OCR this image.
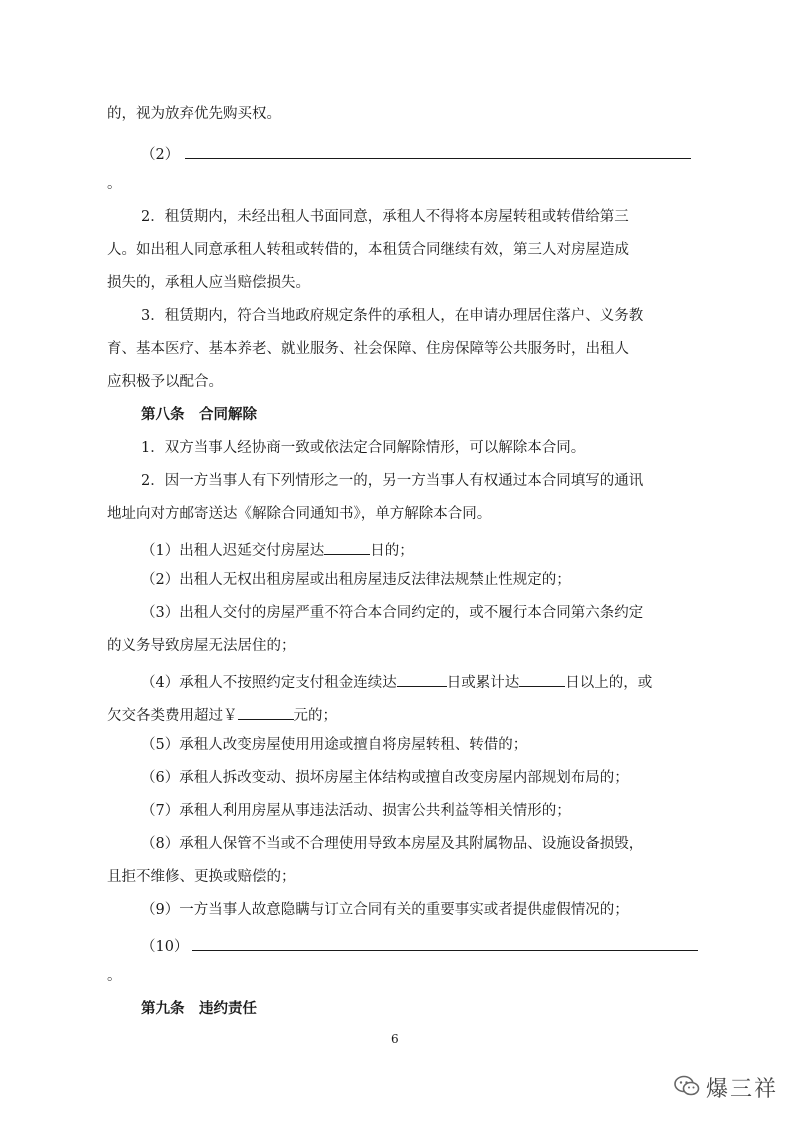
的，视为放弃优先购买权。
（2）
。
2．租赁期内，未经出租人书面同意，承租人不得将本房屋转租或转借给第三
人。如出租人同意承租人转租或转借的，本租赁合同继续有效，第三人对房屋造成
损失的，承租人应当赔偿损失。
3．租赁期内，符合当地政府规定条件的承租人，在申请办理居住落户、义务教
育、基本医疗、基本养老、就业服务、社会保障、住房保障等公共服务时，出租人
应积极予以配合。
第八条　合同解除
1．双方当事人经协商一致或依法定合同解除情形，可以解除本合同。
2．因一方当事人有下列情形之一的，另一方当事人有权通过本合同填写的通讯
地址向对方邮寄送达《解除合同通知书》，单方解除本合同。
（1）出租人迟延交付房屋达	日的；
（2）出租人无权出租房屋或出租房屋违反法律法规禁止性规定的；
（3）出租人交付的房屋严重不符合本合同约定的，或不履行本合同第六条约定
的义务导致房屋无法居住的；
（4）承租人不按照约定支付租金连续达	日或累计达	日以上的，或
欠交各类费用超过￥	元的；
（5）承租人改变房屋使用用途或擅自将房屋转租、转借的；
（6）承租人拆改变动、损坏房屋主体结构或擅自改变房屋内部规划布局的；
（7）承租人利用房屋从事违法活动、损害公共利益等相关情形的；
（8）承租人保管不当或不合理使用导致本房屋及其附属物品、设施设备损毁，
且拒不维修、更换或赔偿的；
（9）一方当事人故意隐瞒与订立合同有关的重要事实或者提供虚假情况的；
（10）
。
第九条　违约责任
6
爆三祥
